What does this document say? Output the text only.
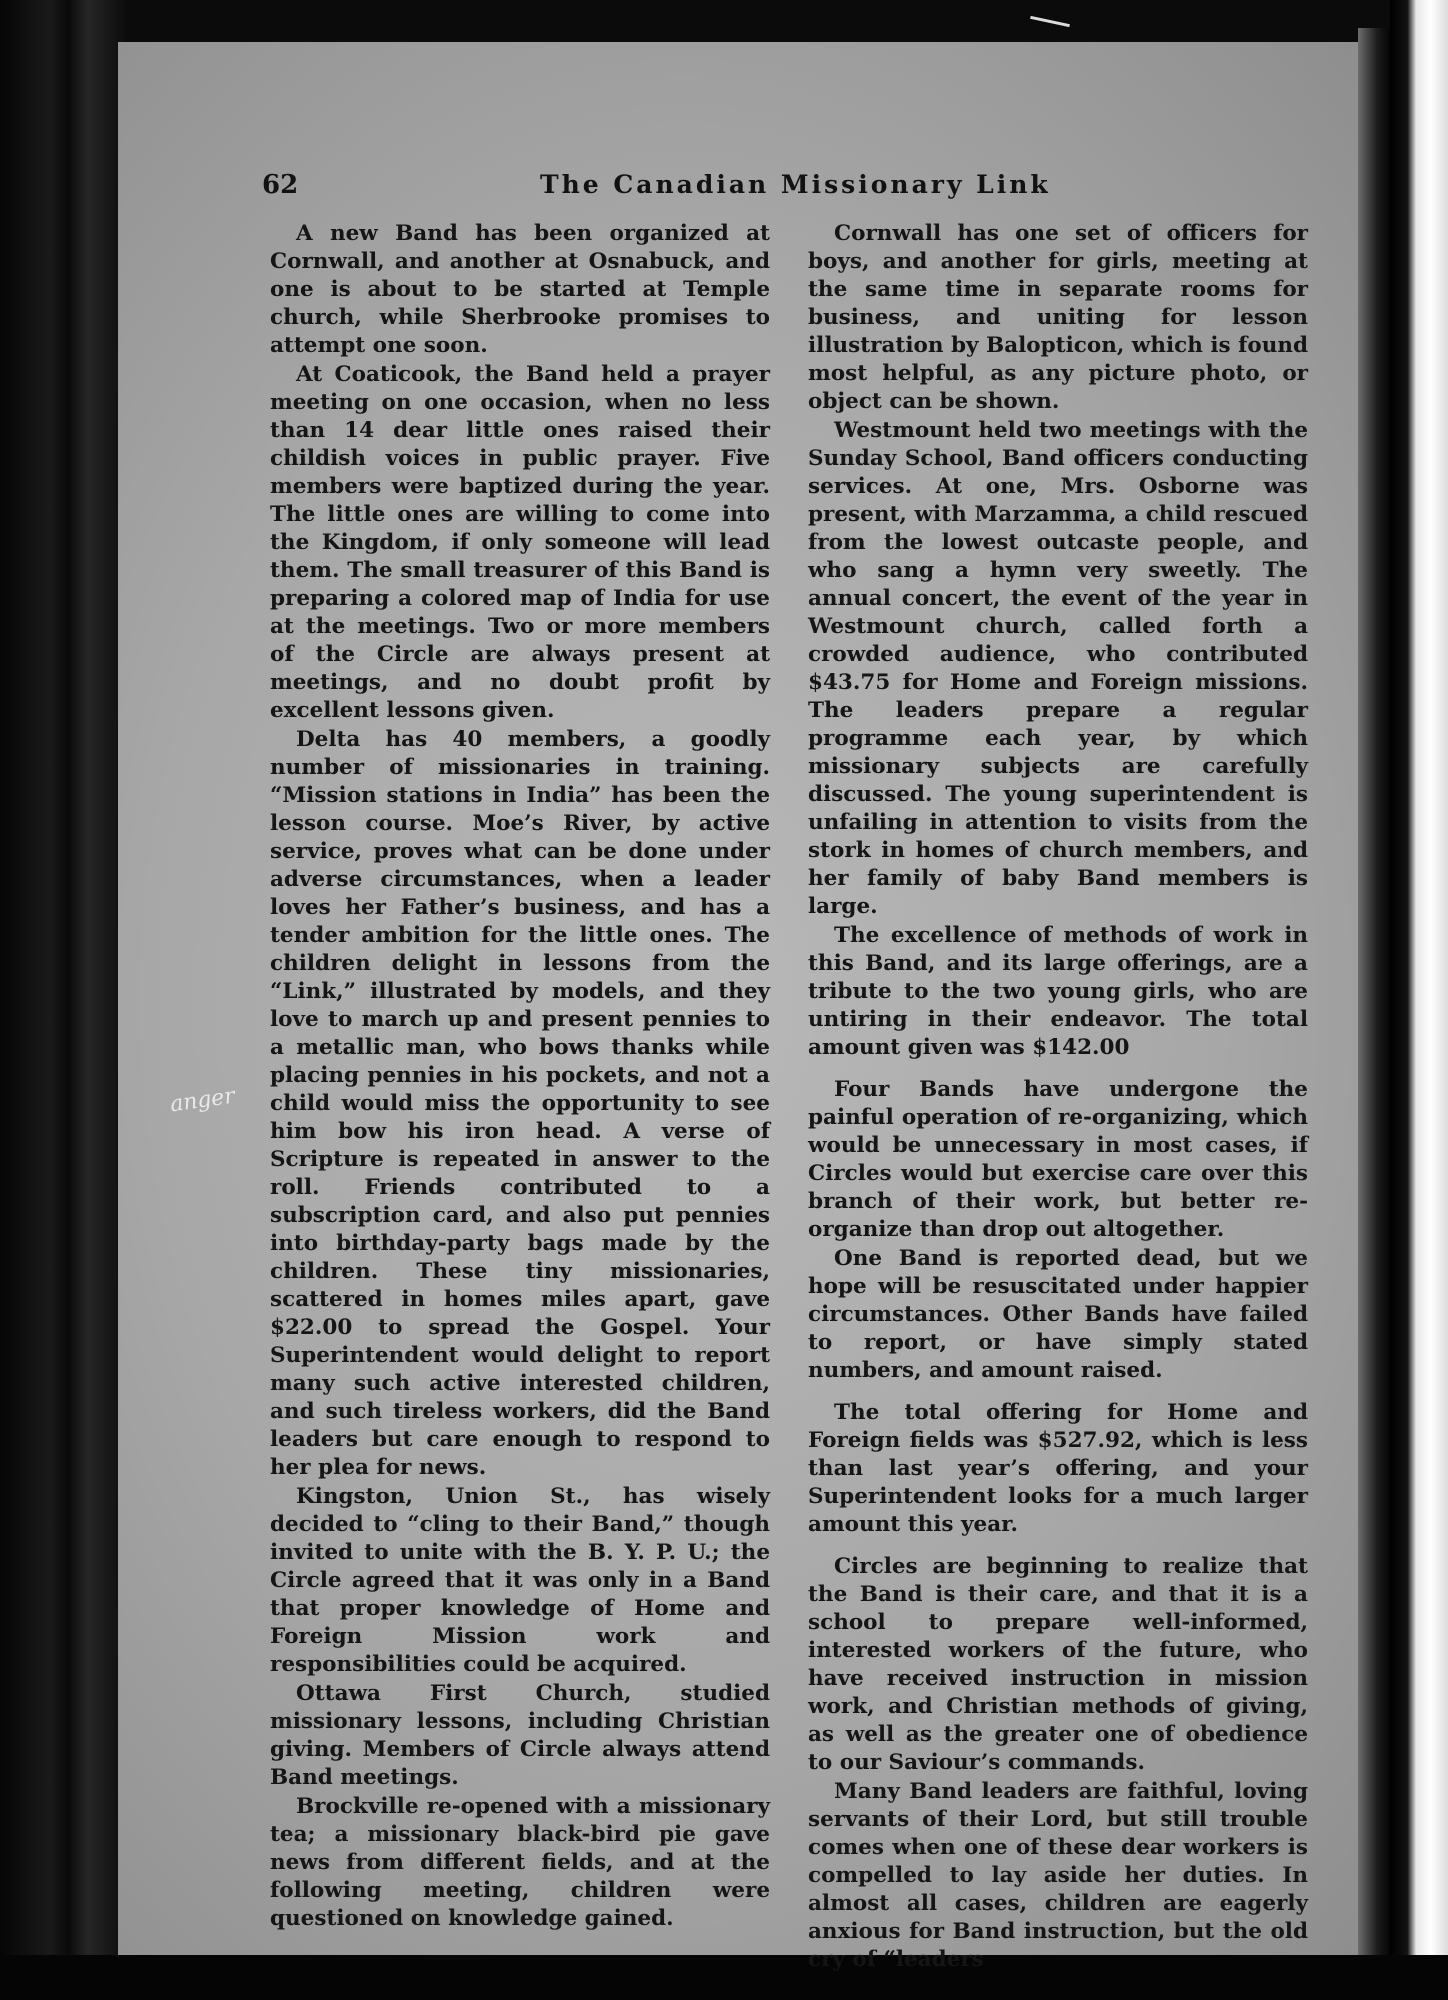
62	The Canadian Missionary Link
anger

A new Band has been organized at Cornwall, and another at Osnabuck, and one is about to be started at Temple church, while Sherbrooke promises to attempt one soon.

At Coaticook, the Band held a prayer meeting on one occasion, when no less than 14 dear little ones raised their childish voices in public prayer. Five members were baptized during the year. The little ones are willing to come into the Kingdom, if only someone will lead them. The small treasurer of this Band is preparing a colored map of India for use at the meetings. Two or more members of the Circle are always present at meetings, and no doubt profit by excellent lessons given.

Delta has 40 members, a goodly number of missionaries in training. “Mission stations in India” has been the lesson course. Moe’s River, by active service, proves what can be done under adverse circumstances, when a leader loves her Father’s business, and has a tender ambition for the little ones. The children delight in lessons from the “Link,” illustrated by models, and they love to march up and present pennies to a metallic man, who bows thanks while placing pennies in his pockets, and not a child would miss the opportunity to see him bow his iron head. A verse of Scripture is repeated in answer to the roll. Friends contributed to a subscription card, and also put pennies into birthday-party bags made by the children. These tiny missionaries, scattered in homes miles apart, gave $22.00 to spread the Gospel. Your Superintendent would delight to report many such active interested children, and such tireless workers, did the Band leaders but care enough to respond to her plea for news.

Kingston, Union St., has wisely decided to “cling to their Band,” though invited to unite with the B. Y. P. U.; the Circle agreed that it was only in a Band that proper knowledge of Home and Foreign Mission work and responsibilities could be acquired.

Ottawa First Church, studied missionary lessons, including Christian giving. Members of Circle always attend Band meetings.

Brockville re-opened with a missionary tea; a missionary black-bird pie gave news from different fields, and at the following meeting, children were questioned on knowledge gained.

Cornwall has one set of officers for boys, and another for girls, meeting at the same time in separate rooms for business, and uniting for lesson illustration by Balopticon, which is found most helpful, as any picture photo, or object can be shown.

Westmount held two meetings with the Sunday School, Band officers conducting services. At one, Mrs. Osborne was present, with Marzamma, a child rescued from the lowest outcaste people, and who sang a hymn very sweetly. The annual concert, the event of the year in Westmount church, called forth a crowded audience, who contributed $43.75 for Home and Foreign missions. The leaders prepare a regular programme each year, by which missionary subjects are carefully discussed. The young superintendent is unfailing in attention to visits from the stork in homes of church members, and her family of baby Band members is large.

The excellence of methods of work in this Band, and its large offerings, are a tribute to the two young girls, who are untiring in their endeavor. The total amount given was $142.00

Four Bands have undergone the painful operation of re-organizing, which would be unnecessary in most cases, if Circles would but exercise care over this branch of their work, but better re-organize than drop out altogether.

One Band is reported dead, but we hope will be resuscitated under happier circumstances. Other Bands have failed to report, or have simply stated numbers, and amount raised.

The total offering for Home and Foreign fields was $527.92, which is less than last year’s offering, and your Superintendent looks for a much larger amount this year.

Circles are beginning to realize that the Band is their care, and that it is a school to prepare well-informed, interested workers of the future, who have received instruction in mission work, and Christian methods of giving, as well as the greater one of obedience to our Saviour’s commands.

Many Band leaders are faithful, loving servants of their Lord, but still trouble comes when one of these dear workers is compelled to lay aside her duties. In almost all cases, children are eagerly anxious for Band instruction, but the old cry of “leaders
